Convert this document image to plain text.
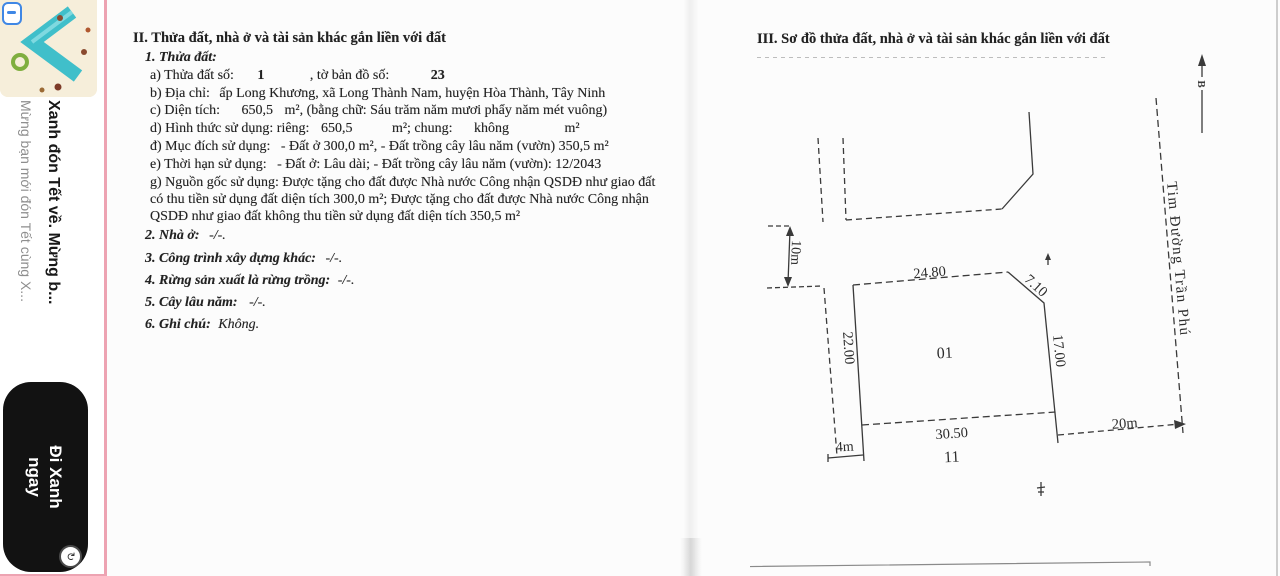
Xanh đón Tết về. Mừng b...
Mừng bạn mới đón Tết cùng X...
Đi Xanh
ngay
↻
II. Thửa đất, nhà ở và tài sản khác gắn liền với đất
1. Thửa đất:
a) Thửa đất số: 1	, tờ bản đồ số:	23
b) Địa chỉ: ấp Long Khương, xã Long Thành Nam, huyện Hòa Thành, Tây Ninh
c) Diện tích: 650,5 m², (bằng chữ: Sáu trăm năm mươi phẩy năm mét vuông)
d) Hình thức sử dụng: riêng: 650,5	m²; chung: không	m²
đ) Mục đích sử dụng: - Đất ở 300,0 m², - Đất trồng cây lâu năm (vườn) 350,5 m²
e) Thời hạn sử dụng: - Đất ở: Lâu dài; - Đất trồng cây lâu năm (vườn): 12/2043
g) Nguồn gốc sử dụng: Được tặng cho đất được Nhà nước Công nhận QSDĐ như giao đất
có thu tiền sử dụng đất diện tích 300,0 m²; Được tặng cho đất được Nhà nước Công nhận
QSDĐ như giao đất không thu tiền sử dụng đất diện tích 350,5 m²
2. Nhà ở: -/-.
3. Công trình xây dựng khác: -/-.
4. Rừng sản xuất là rừng trồng: -/-.
5. Cây lâu năm: -/-.
6. Ghi chú: Không.
III. Sơ đồ thửa đất, nhà ở và tài sản khác gắn liền với đất
B
Tim Đường Trần Phú
10m
24.80	7.10
17.00
30.50
22.00	01
11
4m
20m
